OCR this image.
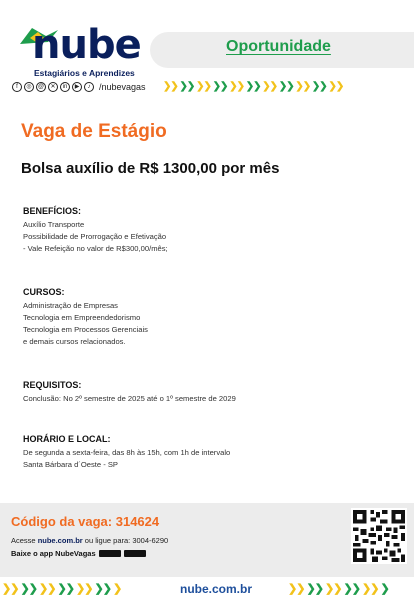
nube
Estagiários e Aprendizes
Oportunidade
f	◎	@	✕	in	▶	♪ /nubevagas ❯❯ ❯❯ ❯❯ ❯❯ ❯❯ ❯❯ ❯❯ ❯❯ ❯❯ ❯❯ ❯❯
Vaga de Estágio
Bolsa auxílio de R$ 1300,00 por mês
BENEFÍCIOS:
Auxílio Transporte
Possibilidade de Prorrogação e Efetivação
- Vale Refeição no valor de R$300,00/mês;
CURSOS:
Administração de Empresas
Tecnologia em Empreendedorismo
Tecnologia em Processos Gerenciais
e demais cursos relacionados.
REQUISITOS:
Conclusão: No 2º semestre de 2025 até o 1º semestre de 2029
HORÁRIO E LOCAL:
De segunda a sexta-feira, das 8h às 15h, com 1h de intervalo
Santa Bárbara d´Oeste - SP
Código da vaga: 314624
Acesse nube.com.br ou ligue para: 3004-6290
Baixe o app NubeVagas
❯❯ ❯❯ ❯❯ ❯❯ ❯❯ ❯❯ ❯	nube.com.br	❯❯ ❯❯ ❯❯ ❯❯ ❯❯ ❯
